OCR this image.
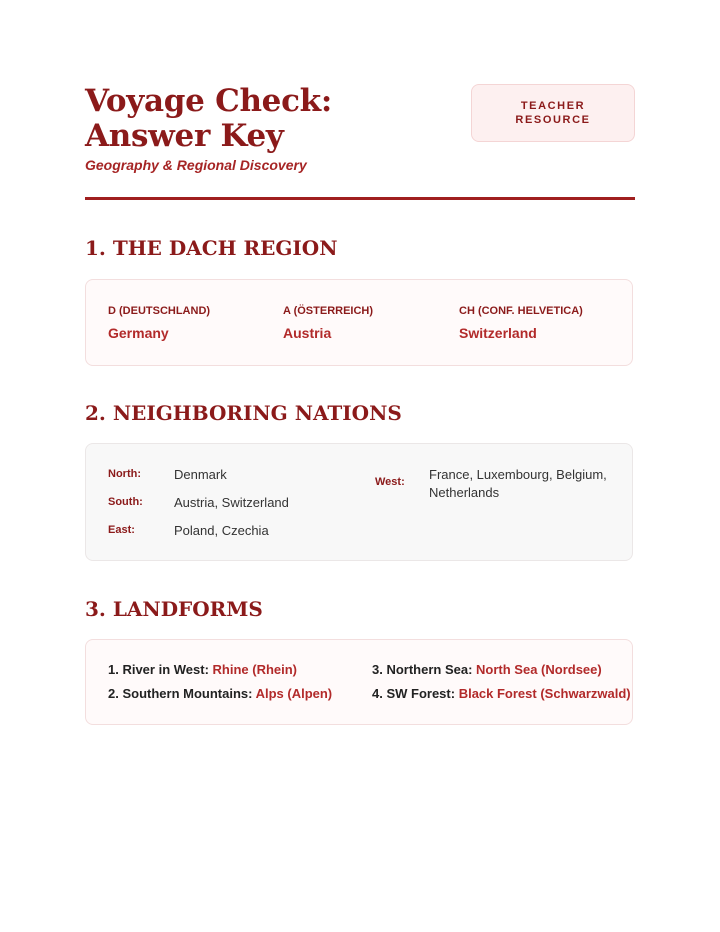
Voyage Check: Answer Key
Geography & Regional Discovery
TEACHER
RESOURCE
1. THE DACH REGION
D (DEUTSCHLAND)
Germany
A (ÖSTERREICH)
Austria
CH (CONF. HELVETICA)
Switzerland
2. NEIGHBORING NATIONS
North:	Denmark
South:	Austria, Switzerland
East:	Poland, Czechia
West:	France, Luxembourg, Belgium,
Netherlands
3. LANDFORMS
1. River in West: Rhine (Rhein)
2. Southern Mountains: Alps (Alpen)
3. Northern Sea: North Sea (Nordsee)
4. SW Forest: Black Forest (Schwarzwald)
